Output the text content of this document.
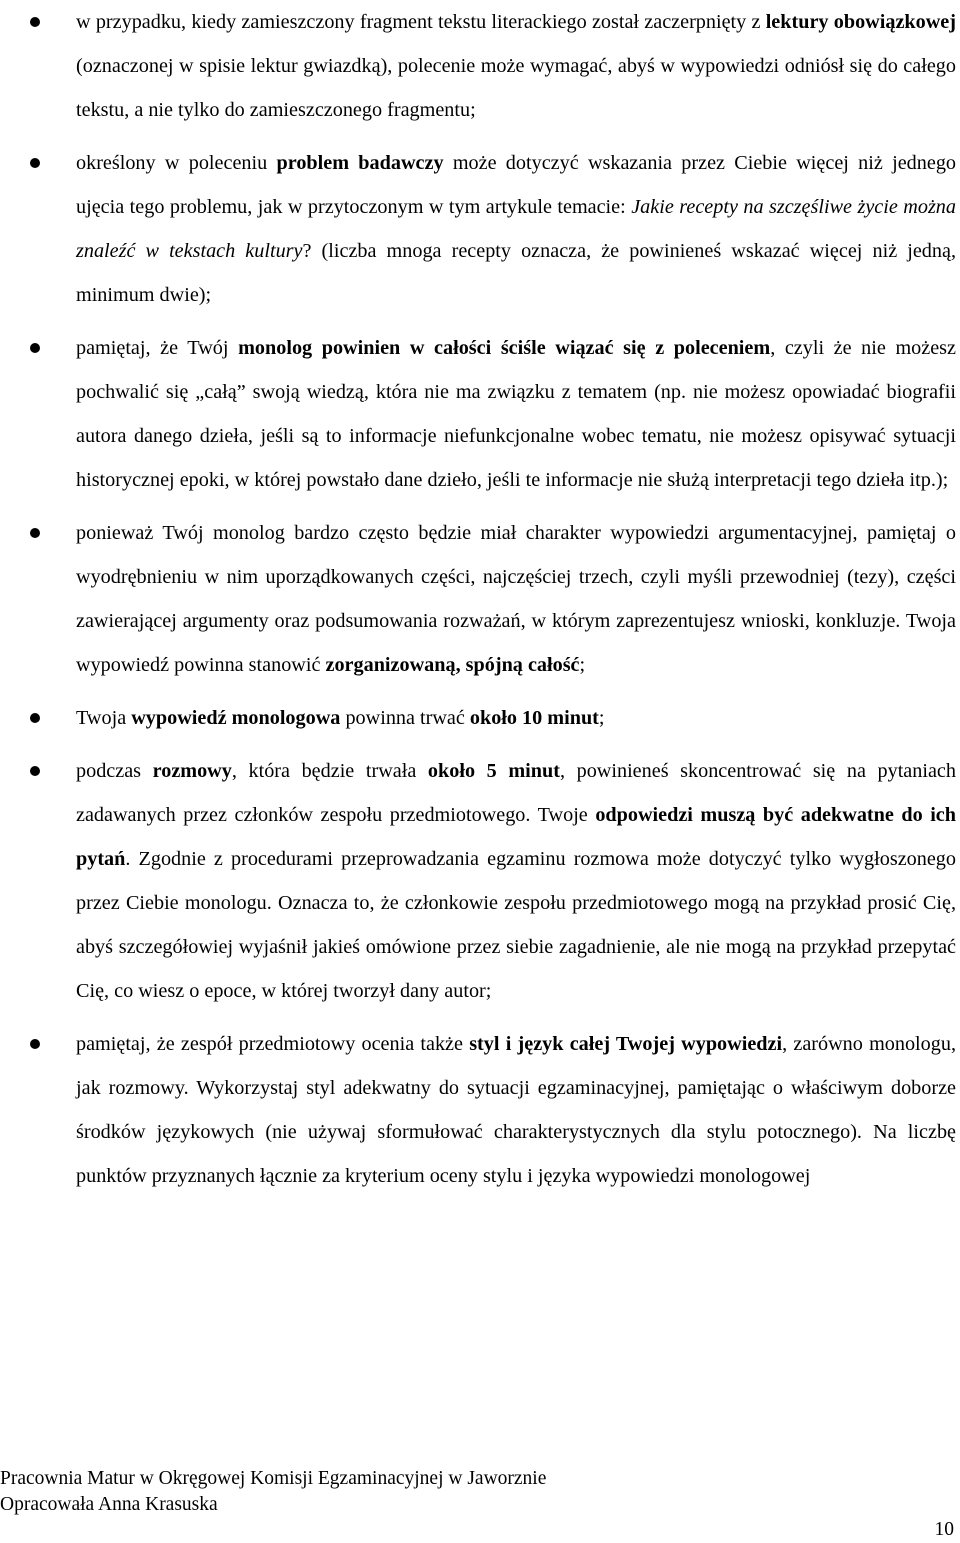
w przypadku, kiedy zamieszczony fragment tekstu literackiego został zaczerpnięty z lektury obowiązkowej (oznaczonej w spisie lektur gwiazdką), polecenie może wymagać, abyś w wypowiedzi odniósł się do całego tekstu, a nie tylko do zamieszczonego fragmentu;
określony w poleceniu problem badawczy może dotyczyć wskazania przez Ciebie więcej niż jednego ujęcia tego problemu, jak w przytoczonym w tym artykule temacie: Jakie recepty na szczęśliwe życie można znaleźć w tekstach kultury? (liczba mnoga recepty oznacza, że powinieneś wskazać więcej niż jedną, minimum dwie);
pamiętaj, że Twój monolog powinien w całości ściśle wiązać się z poleceniem, czyli że nie możesz pochwalić się „całą” swoją wiedzą, która nie ma związku z tematem (np. nie możesz opowiadać biografii autora danego dzieła, jeśli są to informacje niefunkcjonalne wobec tematu, nie możesz opisywać sytuacji historycznej epoki, w której powstało dane dzieło, jeśli te informacje nie służą interpretacji tego dzieła itp.);
ponieważ Twój monolog bardzo często będzie miał charakter wypowiedzi argumentacyjnej, pamiętaj o wyodrębnieniu w nim uporządkowanych części, najczęściej trzech, czyli myśli przewodniej (tezy), części zawierającej argumenty oraz podsumowania rozważań, w którym zaprezentujesz wnioski, konkluzje. Twoja wypowiedź powinna stanowić zorganizowaną, spójną całość;
Twoja wypowiedź monologowa powinna trwać około 10 minut;
podczas rozmowy, która będzie trwała około 5 minut, powinieneś skoncentrować się na pytaniach zadawanych przez członków zespołu przedmiotowego. Twoje odpowiedzi muszą być adekwatne do ich pytań. Zgodnie z procedurami przeprowadzania egzaminu rozmowa może dotyczyć tylko wygłoszonego przez Ciebie monologu. Oznacza to, że członkowie zespołu przedmiotowego mogą na przykład prosić Cię, abyś szczegółowiej wyjaśnił jakieś omówione przez siebie zagadnienie, ale nie mogą na przykład przepytać Cię, co wiesz o epoce, w której tworzył dany autor;
pamiętaj, że zespół przedmiotowy ocenia także styl i język całej Twojej wypowiedzi, zarówno monologu, jak rozmowy. Wykorzystaj styl adekwatny do sytuacji egzaminacyjnej, pamiętając o właściwym doborze środków językowych (nie używaj sformułować charakterystycznych dla stylu potocznego). Na liczbę punktów przyznanych łącznie za kryterium oceny stylu i języka wypowiedzi monologowej
Pracownia Matur w Okręgowej Komisji Egzaminacyjnej w Jaworznie
Opracowała Anna Krasuska
10
